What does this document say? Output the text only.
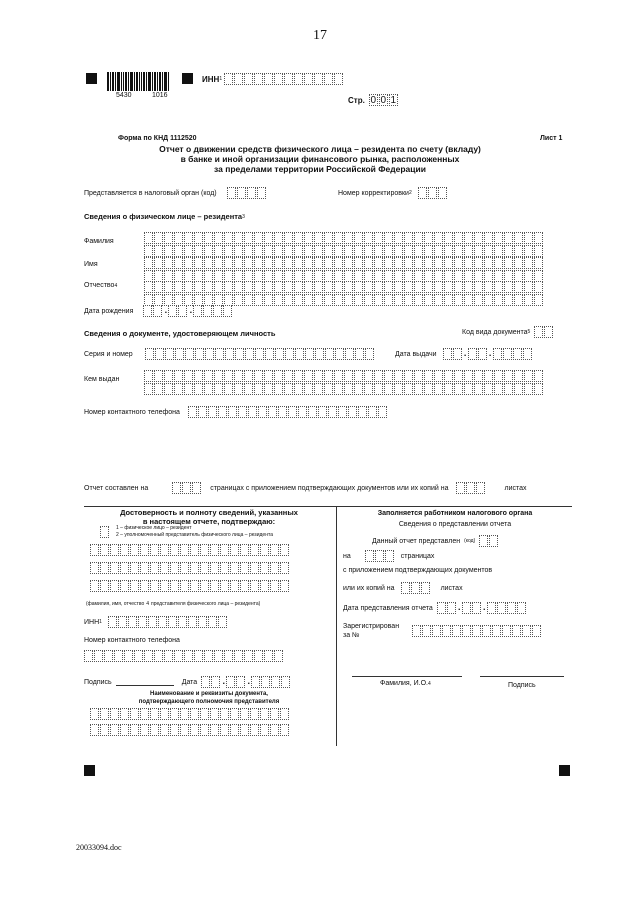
17
5430	1016
ИНН 1
Стр. 0 0 1
Форма по КНД 1112520	Лист 1
Отчет о движении средств физического лица – резидента по счету (вкладу)
в банке и иной организации финансового рынка, расположенных
за пределами территории Российской Федерации
Представляется в налоговый орган (код)	Номер корректировки 2
Сведения о физическом лице – резидента 3
Фамилия
Имя
Отчество 4
Дата рождения	. .
Сведения о документе, удостоверяющем личность	Код вида документа 5
Серия и номер	Дата выдачи	. .
Кем выдан
Номер контактного телефона
Отчет составлен на	страницах с приложением подтверждающих документов или их копий на	листах
Достоверность и полноту сведений, указанных
в настоящем отчете, подтверждаю:
1 – физическое лицо – резидент
2 – уполномоченный представитель физического лица – резидента
(фамилия, имя, отчество 4 представителя физического лица – резидента)
ИНН 1
Номер контактного телефона
Подпись	Дата	. .
Наименование и реквизиты документа,
подтверждающего полномочия представителя
Заполняется работником налогового органа
Сведения о представлении отчета
Данный отчет представлен (код)
на	страницах
с приложением подтверждающих документов
или их копий на	листах
Дата представления отчета	. .
Зарегистрирован
за №
Фамилия, И.О. 4	Подпись
20033094.doc
